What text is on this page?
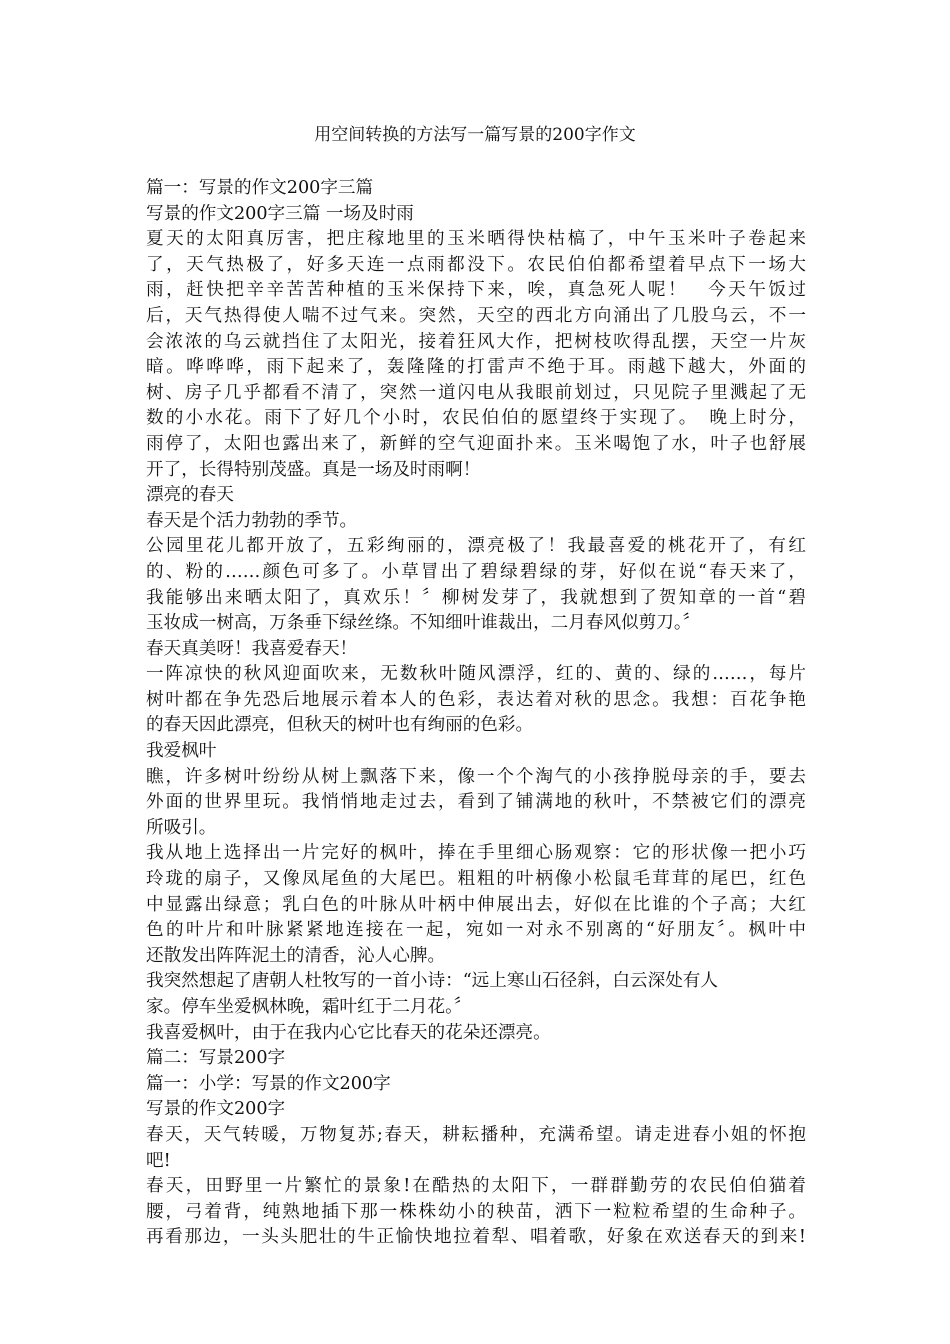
用空间转换的方法写一篇写景的200字作文
篇一：写景的作文200字三篇
写景的作文200字三篇 一场及时雨
夏天的太阳真厉害，把庄稼地里的玉米晒得快枯槁了，中午玉米叶子卷起来
了，天气热极了，好多天连一点雨都没下。农民伯伯都希望着早点下一场大
雨，赶快把辛辛苦苦种植的玉米保持下来，唉，真急死人呢！　今天午饭过
后，天气热得使人喘不过气来。突然，天空的西北方向涌出了几股乌云，不一
会浓浓的乌云就挡住了太阳光，接着狂风大作，把树枝吹得乱摆，天空一片灰
暗。哗哗哗，雨下起来了，轰隆隆的打雷声不绝于耳。雨越下越大，外面的
树、房子几乎都看不清了，突然一道闪电从我眼前划过，只见院子里溅起了无
数的小水花。雨下了好几个小时，农民伯伯的愿望终于实现了。　晚上时分，
雨停了，太阳也露出来了，新鲜的空气迎面扑来。玉米喝饱了水，叶子也舒展
开了，长得特别茂盛。真是一场及时雨啊！
漂亮的春天
春天是个活力勃勃的季节。
公园里花儿都开放了，五彩绚丽的，漂亮极了！我最喜爱的桃花开了，有红
的、粉的……颜色可多了。小草冒出了碧绿碧绿的芽，好似在说“春天来了，
我能够出来晒太阳了，真欢乐！〞柳树发芽了，我就想到了贺知章的一首“碧
玉妆成一树高，万条垂下绿丝绦。不知细叶谁裁出，二月春风似剪刀。〞
春天真美呀！我喜爱春天！
一阵凉快的秋风迎面吹来，无数秋叶随风漂浮，红的、黄的、绿的……，每片
树叶都在争先恐后地展示着本人的色彩，表达着对秋的思念。我想：百花争艳
的春天因此漂亮，但秋天的树叶也有绚丽的色彩。
我爱枫叶
瞧，许多树叶纷纷从树上飘落下来，像一个个淘气的小孩挣脱母亲的手，要去
外面的世界里玩。我悄悄地走过去，看到了铺满地的秋叶，不禁被它们的漂亮
所吸引。
我从地上选择出一片完好的枫叶，捧在手里细心肠观察：它的形状像一把小巧
玲珑的扇子，又像凤尾鱼的大尾巴。粗粗的叶柄像小松鼠毛茸茸的尾巴，红色
中显露出绿意；乳白色的叶脉从叶柄中伸展出去，好似在比谁的个子高；大红
色的叶片和叶脉紧紧地连接在一起，宛如一对永不别离的“好朋友〞。枫叶中
还散发出阵阵泥土的清香，沁人心脾。
我突然想起了唐朝人杜牧写的一首小诗：“远上寒山石径斜，白云深处有人
家。停车坐爱枫林晚，霜叶红于二月花。〞
我喜爱枫叶，由于在我内心它比春天的花朵还漂亮。
篇二：写景200字
篇一：小学：写景的作文200字
写景的作文200字
春天，天气转暖，万物复苏;春天，耕耘播种，充满希望。请走进春小姐的怀抱
吧!
春天，田野里一片繁忙的景象!在酷热的太阳下，一群群勤劳的农民伯伯猫着
腰，弓着背，纯熟地插下那一株株幼小的秧苗，洒下一粒粒希望的生命种子。
再看那边，一头头肥壮的牛正愉快地拉着犁、唱着歌，好象在欢送春天的到来!
